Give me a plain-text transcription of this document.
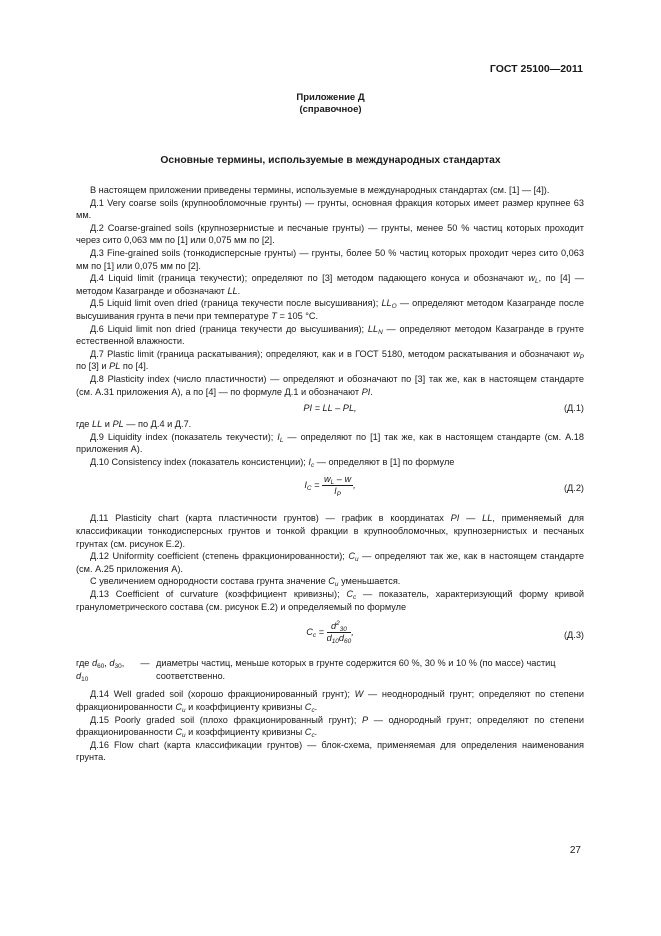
ГОСТ 25100—2011
Приложение Д
(справочное)
Основные термины, используемые в международных стандартах

В настоящем приложении приведены термины, используемые в международных стандартах (см. [1] — [4]).

Д.1 Very coarse soils (крупнообломочные грунты) — грунты, основная фракция которых имеет размер крупнее 63 мм.

Д.2 Coarse-grained soils (крупнозернистые и песчаные грунты) — грунты, менее 50 % частиц которых проходит через сито 0,063 мм по [1] или 0,075 мм по [2].

Д.3 Fine-grained soils (тонкодисперсные грунты) — грунты, более 50 % частиц которых проходит через сито 0,063 мм по [1] или 0,075 мм по [2].

Д.4 Liquid limit (граница текучести); определяют по [3] методом падающего конуса и обозначают $w_L$, по [4] — методом Казагранде и обозначают LL.

Д.5 Liquid limit oven dried (граница текучести после высушивания); $LL_O$ — определяют методом Казагранде после высушивания грунта в печи при температуре T = 105 °С.

Д.6 Liquid limit non dried (граница текучести до высушивания); $LL_N$ — определяют методом Казагранде в грунте естественной влажности.

Д.7 Plastic limit (граница раскатывания); определяют, как и в ГОСТ 5180, методом раскатывания и обозначают $w_P$ по [3] и PL по [4].

Д.8 Plasticity index (число пластичности) — определяют и обозначают по [3] так же, как в настоящем стандарте (см. А.31 приложения А), а по [4] — по формуле Д.1 и обозначают PI.

PI = LL – PL,	(Д.1)

где LL и PL — по Д.4 и Д.7.

Д.9 Liquidity index (показатель текучести); $I_L$ — определяют по [1] так же, как в настоящем стандарте (см. А.18 приложения А).

Д.10 Consistency index (показатель консистенции); $I_c$ — определяют в [1] по формуле

$I_C = \frac{w_L - w}{I_P}$ ,	(Д.2)

Д.11 Plasticity chart (карта пластичности грунтов) — график в координатах PI — LL, применяемый для классификации тонкодисперсных грунтов и тонкой фракции в крупнообломочных, крупнозернистых и песчаных грунтах (см. рисунок Е.2).

Д.12 Uniformity coefficient (степень фракционированности); $C_u$ — определяют так же, как в настоящем стандарте (см. А.25 приложения А).

С увеличением однородности состава грунта значение $C_u$ уменьшается.

Д.13 Coefficient of curvature (коэффициент кривизны); $C_c$ — показатель, характеризующий форму кривой гранулометрического состава (см. рисунок Е.2) и определяемый по формуле

$C_c = \frac{d^2_{30}}{d_{10}d_{60}}$ ,	(Д.3)
где $d_{60}$, $d_{30}$, $d_{10}$
— диаметры частиц, меньше которых в грунте содержится 60 %, 30 % и 10 % (по массе) частиц соответственно.

Д.14 Well graded soil (хорошо фракционированный грунт); W — неоднородный грунт; определяют по степени фракционированности $C_u$ и коэффициенту кривизны $C_c$.

Д.15 Poorly graded soil (плохо фракционированный грунт); P — однородный грунт; определяют по степени фракционированности $C_u$ и коэффициенту кривизны $C_c$.

Д.16 Flow chart (карта классификации грунтов) — блок-схема, применяемая для определения наименования грунта.

27
